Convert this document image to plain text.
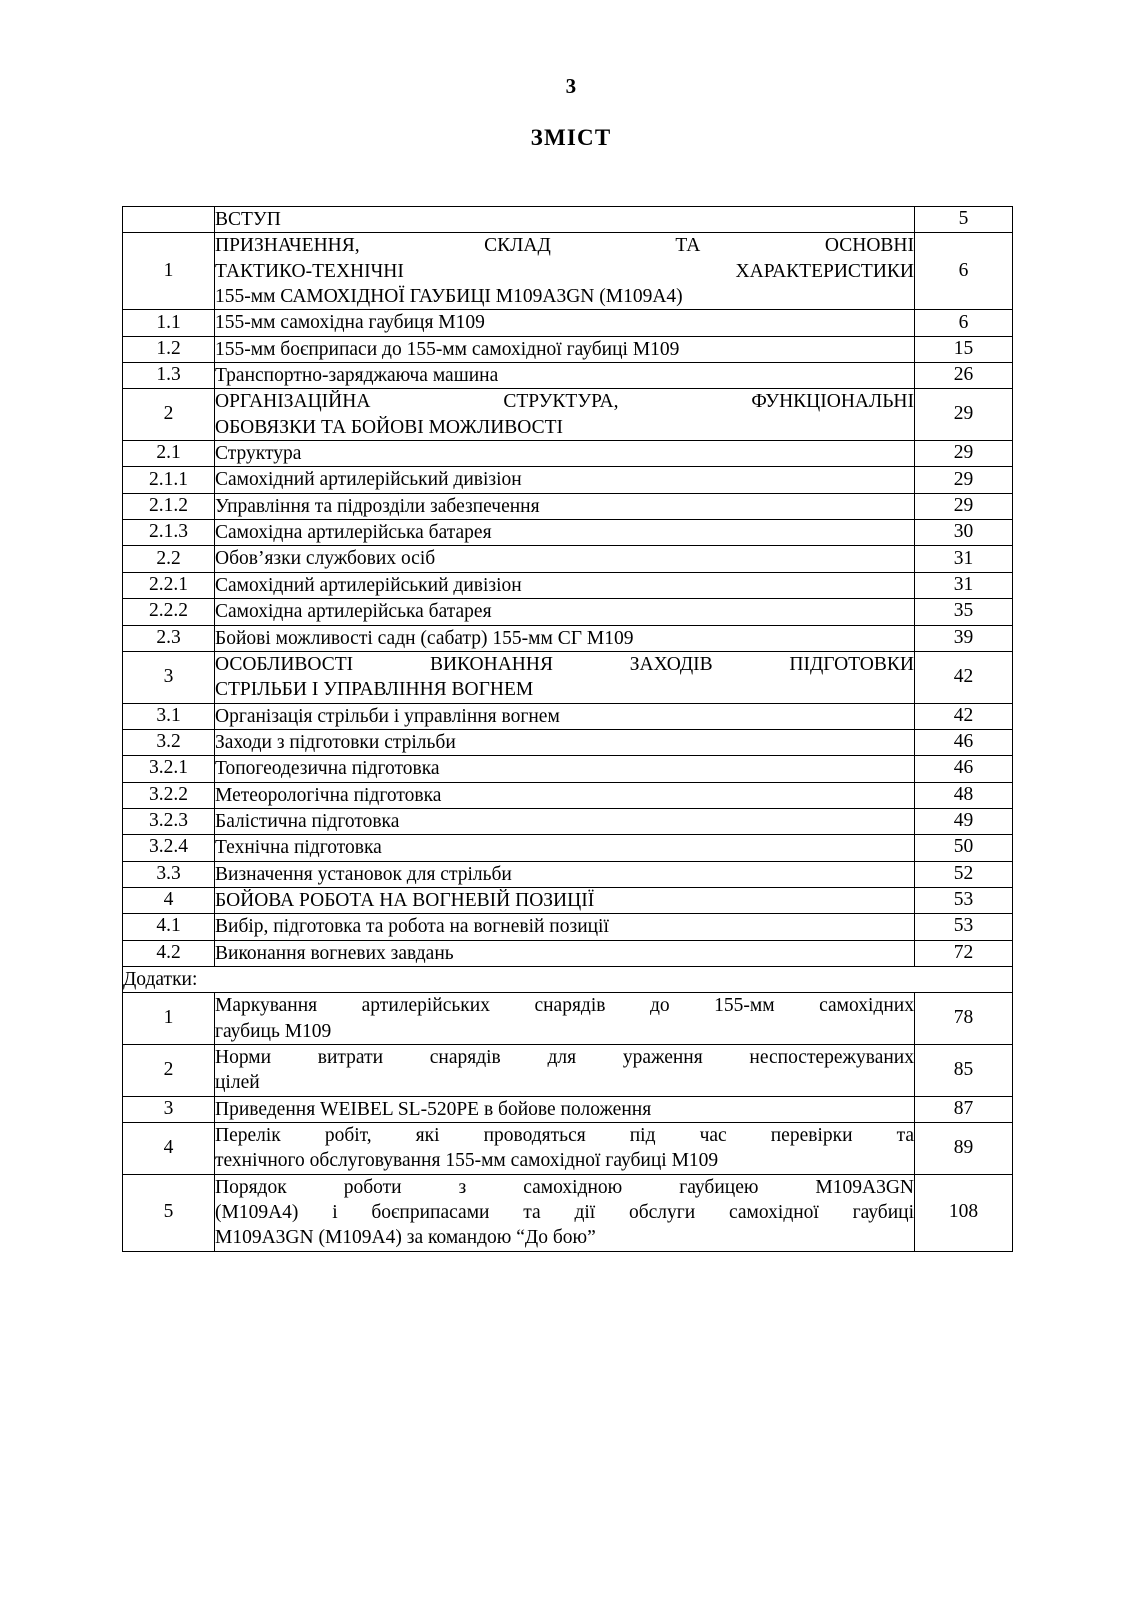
3
ЗМІСТ
	ВСТУП	5
1	ПРИЗНАЧЕННЯ, СКЛАД ТА ОСНОВНІ
ТАКТИКО-ТЕХНІЧНІ ХАРАКТЕРИСТИКИ
155-мм САМОХІДНОЇ ГАУБИЦІ М109А3GN (М109А4)	6
1.1	155-мм самохідна гаубиця М109	6
1.2	155-мм боєприпаси до 155-мм самохідної гаубиці М109	15
1.3	Транспортно-заряджаюча машина	26
2	ОРГАНІЗАЦІЙНА СТРУКТУРА, ФУНКЦІОНАЛЬНІ
ОБОВЯЗКИ ТА БОЙОВІ МОЖЛИВОСТІ	29
2.1	Структура	29
2.1.1	Самохідний артилерійський дивізіон	29
2.1.2	Управління та підрозділи забезпечення	29
2.1.3	Самохідна артилерійська батарея	30
2.2	Обов’язки службових осіб	31
2.2.1	Самохідний артилерійський дивізіон	31
2.2.2	Самохідна артилерійська батарея	35
2.3	Бойові можливості садн (сабатр) 155-мм СГ М109	39
3	ОСОБЛИВОСТІ ВИКОНАННЯ ЗАХОДІВ ПІДГОТОВКИ
СТРІЛЬБИ І УПРАВЛІННЯ ВОГНЕМ	42
3.1	Організація стрільби і управління вогнем	42
3.2	Заходи з підготовки стрільби	46
3.2.1	Топогеодезична підготовка	46
3.2.2	Метеорологічна підготовка	48
3.2.3	Балістична підготовка	49
3.2.4	Технічна підготовка	50
3.3	Визначення установок для стрільби	52
4	БОЙОВА РОБОТА НА ВОГНЕВІЙ ПОЗИЦІЇ	53
4.1	Вибір, підготовка та робота на вогневій позиції	53
4.2	Виконання вогневих завдань	72
Додатки:		
1	Маркування артилерійських снарядів до 155-мм самохідних
гаубиць М109	78
2	Норми витрати снарядів для ураження неспостережуваних
цілей	85
3	Приведення WEIBEL SL-520PE в бойове положення	87
4	Перелік робіт, які проводяться під час перевірки та
технічного обслуговування 155-мм самохідної гаубиці М109	89
5	Порядок роботи з самохідною гаубицею М109А3GN
(М109А4) і боєприпасами та дії обслуги самохідної гаубиці
М109А3GN (М109А4) за командою “До бою”	108
